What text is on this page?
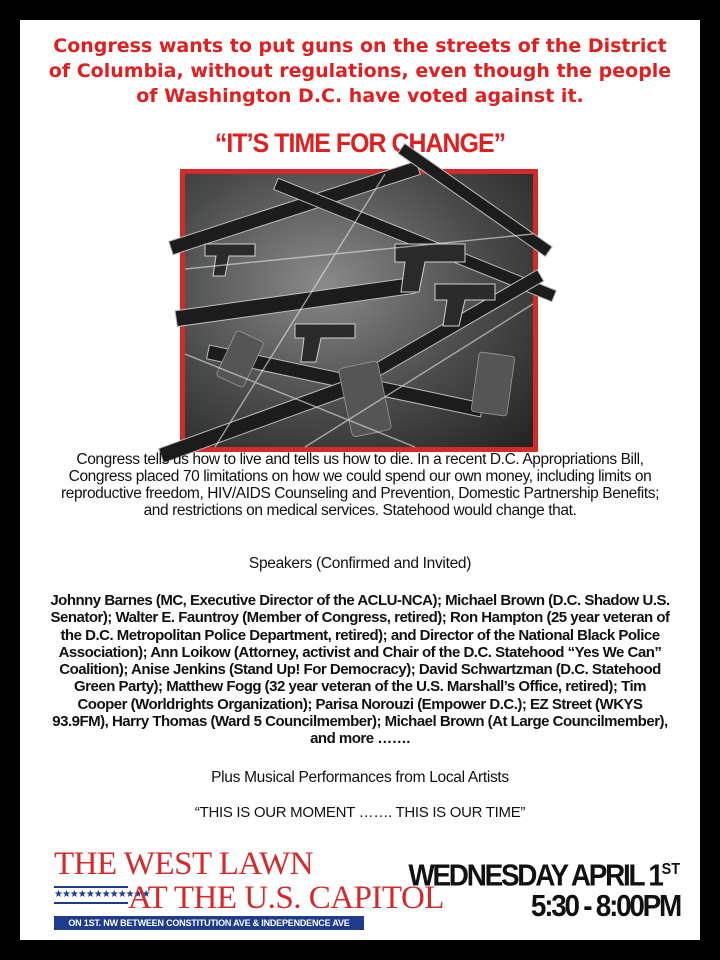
Congress wants to put guns on the streets of the District of Columbia, without regulations, even though the people of Washington D.C. have voted against it.

“IT’S TIME FOR CHANGE”

Congress tells us how to live and tells us how to die. In a recent D.C. Appropriations Bill, Congress placed 70 limitations on how we could spend our own money, including limits on reproductive freedom, HIV/AIDS Counseling and Prevention, Domestic Partnership Benefits; and restrictions on medical services. Statehood would change that.

Speakers (Confirmed and Invited)

Johnny Barnes (MC, Executive Director of the ACLU-NCA); Michael Brown (D.C. Shadow U.S. Senator); Walter E. Fauntroy (Member of Congress, retired); Ron Hampton (25 year veteran of the D.C. Metropolitan Police Department, retired); and Director of the National Black Police Association); Ann Loikow (Attorney, activist and Chair of the D.C. Statehood “Yes We Can” Coalition); Anise Jenkins (Stand Up! For Democracy); David Schwartzman (D.C. Statehood Green Party); Matthew Fogg (32 year veteran of the U.S. Marshall’s Office, retired); Tim Cooper (Worldrights Organization); Parisa Norouzi (Empower D.C.); EZ Street (WKYS 93.9FM), Harry Thomas (Ward 5 Councilmember); Michael Brown (At Large Councilmember), and more …….

Plus Musical Performances from Local Artists
“THIS IS OUR MOMENT ……. THIS IS OUR TIME”
THE WEST LAWN
★★★★★★★★★★★★
AT THE U.S. CAPITOL
ON 1ST. NW BETWEEN CONSTITUTION AVE & INDEPENDENCE AVE
WEDNESDAY APRIL 1ST
5:30 - 8:00PM
